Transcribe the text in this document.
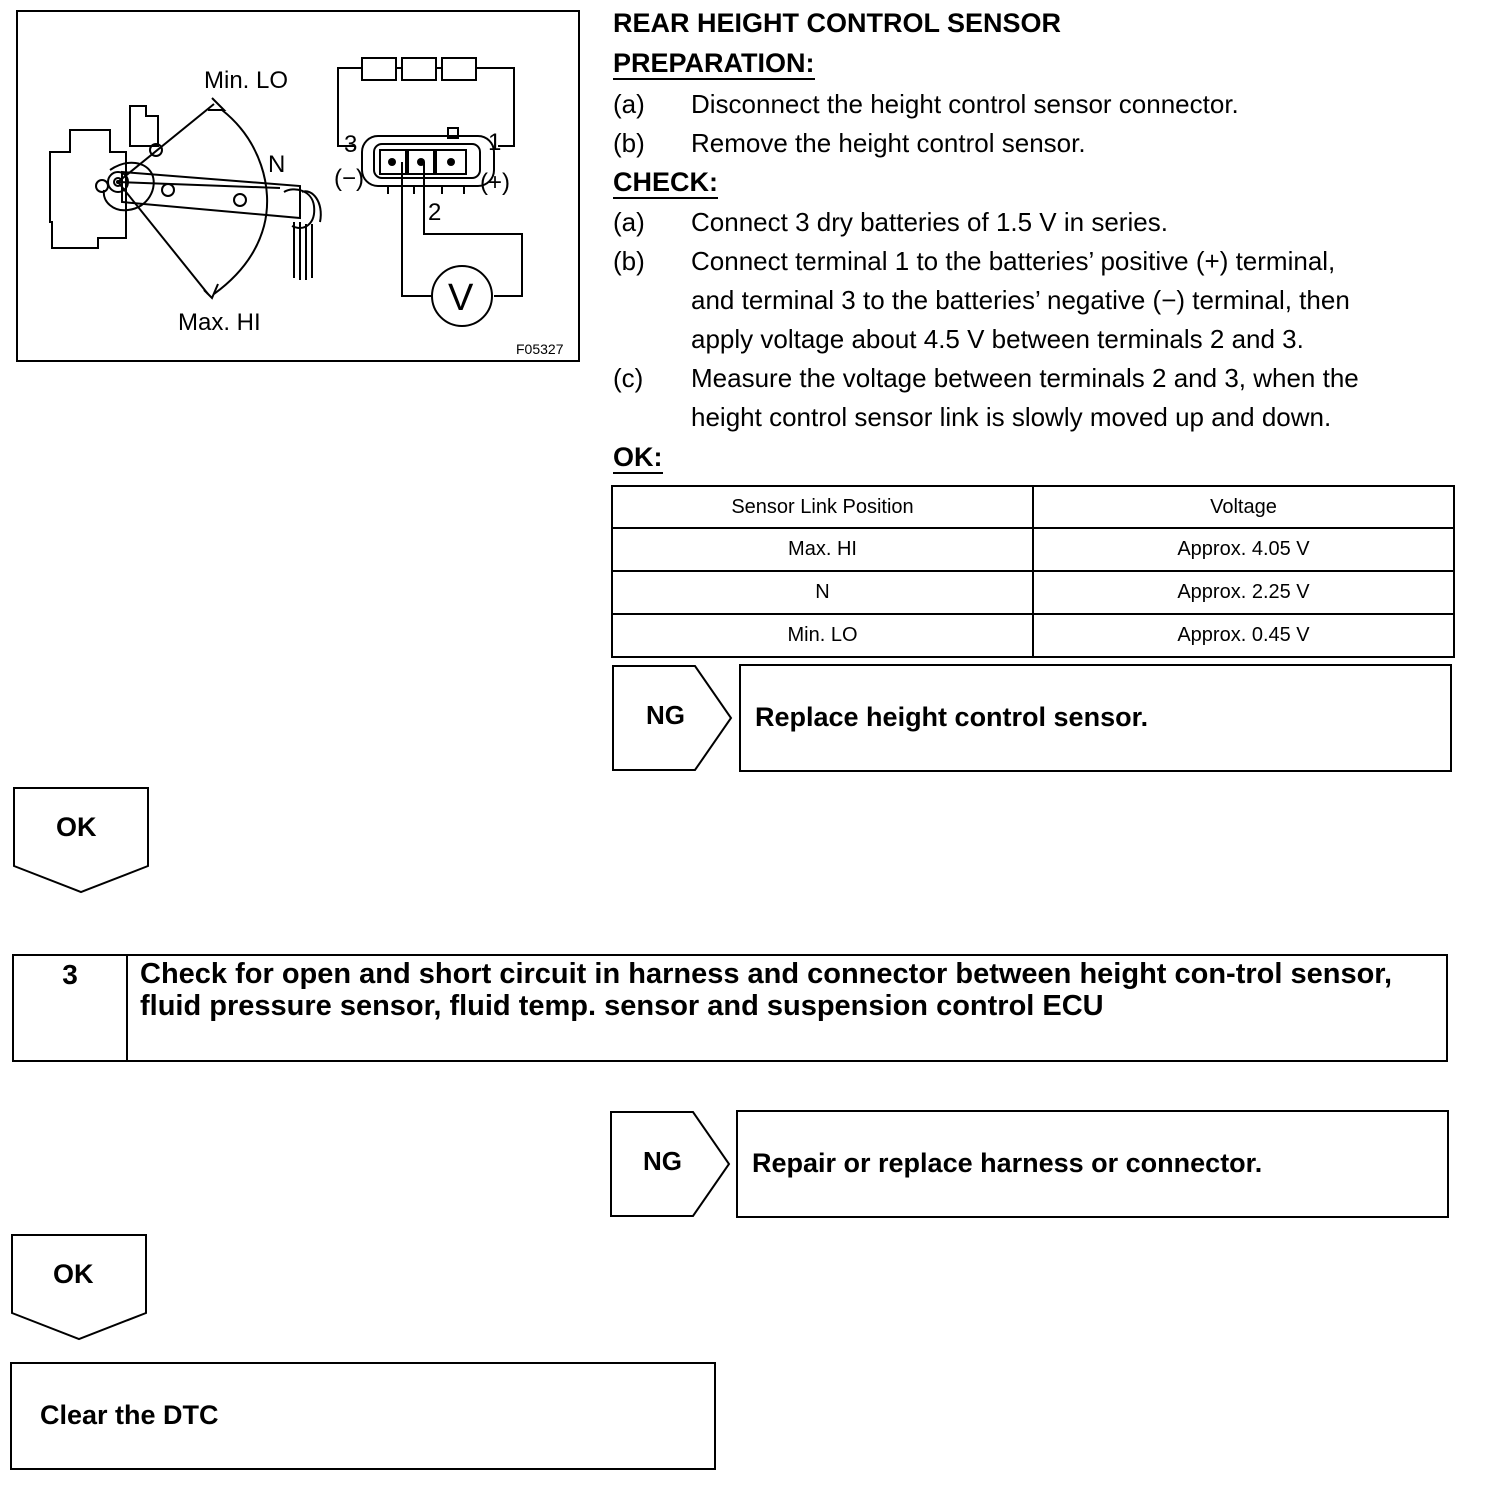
Min. LO
N
Max. HI
3	1
2
(−)	(+)
V
F05327
REAR HEIGHT CONTROL SENSOR
PREPARATION:
(a) Disconnect the height control sensor connector.
(b) Remove the height control sensor.
CHECK:
(a) Connect 3 dry batteries of 1.5 V in series.
(b) Connect terminal 1 to the batteries’ positive (+) terminal,
and terminal 3 to the batteries’ negative (−) terminal, then
apply voltage about 4.5 V between terminals 2 and 3.
(c) Measure the voltage between terminals 2 and 3, when the
height control sensor link is slowly moved up and down.
OK:
Sensor Link Position	Voltage
Max. HI	Approx. 4.05 V
N	Approx. 2.25 V
Min. LO	Approx. 0.45 V
NG	Replace height control sensor.
OK
3	Check for open and short circuit in harness and connector between height con-trol sensor, fluid pressure sensor, fluid temp. sensor and suspension control ECU
NG	Repair or replace harness or connector.
OK
Clear the DTC
